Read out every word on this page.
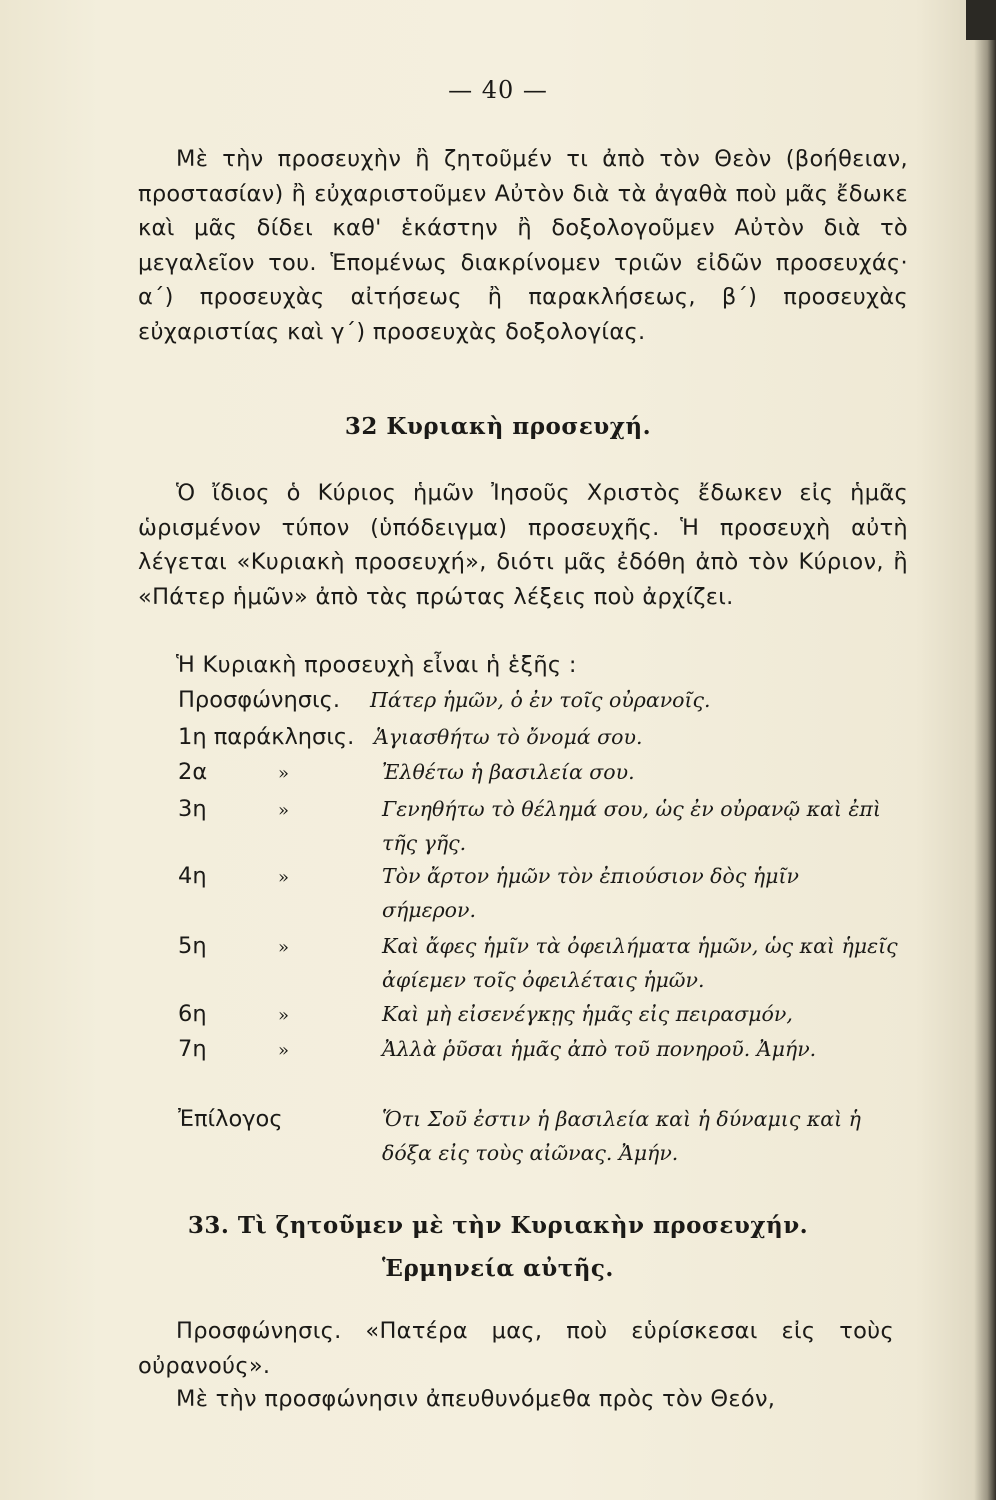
— 40 —
Μὲ τὴν προσευχὴν ἢ ζητοῦμέν τι ἀπὸ τὸν Θεὸν (βοήθειαν, προστασίαν) ἢ εὐχαριστοῦμεν Αὐτὸν διὰ τὰ ἀγαθὰ ποὺ μᾶς ἔδωκε καὶ μᾶς δίδει καθ' ἑκάστην ἢ δοξολογοῦμεν Αὐτὸν διὰ τὸ μεγαλεῖον του. Ἑπομένως διακρίνομεν τριῶν εἰδῶν προσευχάς· α΄) προσευχὰς αἰτήσεως ἢ παρακλήσεως, β΄) προσευχὰς εὐχαριστίας καὶ γ΄) προσευχὰς δοξολογίας.
32 Κυριακὴ προσευχή.
Ὁ ἴδιος ὁ Κύριος ἡμῶν Ἰησοῦς Χριστὸς ἔδωκεν εἰς ἡμᾶς ὡρισμένον τύπον (ὑπόδειγμα) προσευχῆς. Ἡ προσευχὴ αὐτὴ λέγεται «Κυριακὴ προσευχή», διότι μᾶς ἐδόθη ἀπὸ τὸν Κύριον, ἢ «Πάτερ ἡμῶν» ἀπὸ τὰς πρώτας λέξεις ποὺ ἀρχίζει.
Ἡ Κυριακὴ προσευχὴ εἶναι ἡ ἑξῆς :
Προσφώνησις. Πάτερ ἡμῶν, ὁ ἐν τοῖς οὐρανοῖς.
1η παράκλησις. Ἁγιασθήτω τὸ ὄνομά σου.
2α	»	Ἐλθέτω ἡ βασιλεία σου.
3η	»	Γενηθήτω τὸ θέλημά σου, ὡς ἐν οὐρανῷ καὶ ἐπὶ τῆς γῆς.
4η	»	Τὸν ἄρτον ἡμῶν τὸν ἐπιούσιον δὸς ἡμῖν σήμερον.
5η	»	Καὶ ἄφες ἡμῖν τὰ ὀφειλήματα ἡμῶν, ὡς καὶ ἡμεῖς ἀφίεμεν τοῖς ὀφειλέταις ἡμῶν.
6η	»	Καὶ μὴ εἰσενέγκῃς ἡμᾶς εἰς πειρασμόν,
7η	»	Ἀλλὰ ῥῦσαι ἡμᾶς ἀπὸ τοῦ πονηροῦ. Ἀμήν.
Ἐπίλογος	Ὅτι Σοῦ ἐστιν ἡ βασιλεία καὶ ἡ δύναμις καὶ ἡ δόξα εἰς τοὺς αἰῶνας. Ἀμήν.
33. Τὶ ζητοῦμεν μὲ τὴν Κυριακὴν προσευχήν.
Ἑρμηνεία αὐτῆς.
Προσφώνησις. «Πατέρα μας, ποὺ εὑρίσκεσαι εἰς τοὺς οὐρανούς».
Μὲ τὴν προσφώνησιν ἀπευθυνόμεθα πρὸς τὸν Θεόν,
